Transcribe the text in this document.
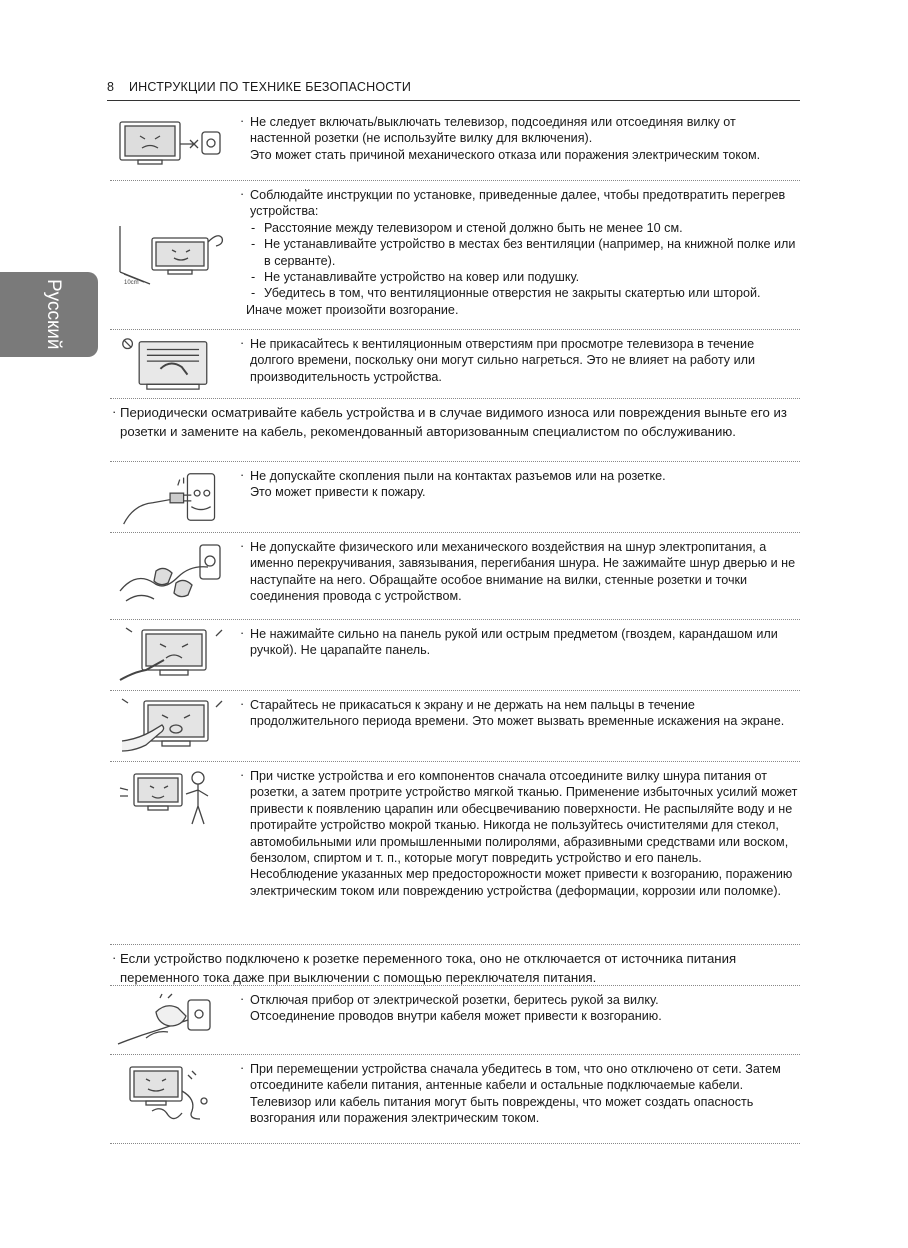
8 ИНСТРУКЦИИ ПО ТЕХНИКЕ БЕЗОПАСНОСТИ
Русский
· Не следует включать/выключать телевизор, подсоединяя или отсоединяя вилку от настенной розетки (не используйте вилку для включения).
Это может стать причиной механического отказа или поражения электрическим током.
10cm
· Соблюдайте инструкции по установке, приведенные далее, чтобы предотвратить перегрев устройства:
- Расстояние между телевизором и стеной должно быть не менее 10 см.
- Не устанавливайте устройство в местах без вентиляции (например, на книжной полке или в серванте).
- Не устанавливайте устройство на ковер или подушку.
- Убедитесь в том, что вентиляционные отверстия не закрыты скатертью или шторой.
Иначе может произойти возгорание.
· Не прикасайтесь к вентиляционным отверстиям при просмотре телевизора в течение долгого времени, поскольку они могут сильно нагреться. Это не влияет на работу или производительность устройства.
· Периодически осматривайте кабель устройства и в случае видимого износа или повреждения выньте его из розетки и замените на кабель, рекомендованный авторизованным специалистом по обслуживанию.
· Не допускайте скопления пыли на контактах разъемов или на розетке.
Это может привести к пожару.
· Не допускайте физического или механического воздействия на шнур электропитания, а именно перекручивания, завязывания, перегибания шнура. Не зажимайте шнур дверью и не наступайте на него. Обращайте особое внимание на вилки, стенные розетки и точки соединения провода с устройством.
· Не нажимайте сильно на панель рукой или острым предметом (гвоздем, карандашом или ручкой). Не царапайте панель.
· Старайтесь не прикасаться к экрану и не держать на нем пальцы в течение продолжительного периода времени. Это может вызвать временные искажения на экране.
· При чистке устройства и его компонентов сначала отсоедините вилку шнура питания от розетки, а затем протрите устройство мягкой тканью. Применение избыточных усилий может привести к появлению царапин или обесцвечиванию поверхности. Не распыляйте воду и не протирайте устройство мокрой тканью. Никогда не пользуйтесь очистителями для стекол, автомобильными или промышленными полиролями, абразивными средствами или воском, бензолом, спиртом и т. п., которые могут повредить устройство и его панель.
Несоблюдение указанных мер предосторожности может привести к возгоранию, поражению электрическим током или повреждению устройства (деформации, коррозии или поломке).
· Если устройство подключено к розетке переменного тока, оно не отключается от источника питания переменного тока даже при выключении с помощью переключателя питания.
· Отключая прибор от электрической розетки, беритесь рукой за вилку.
Отсоединение проводов внутри кабеля может привести к возгоранию.
· При перемещении устройства сначала убедитесь в том, что оно отключено от сети. Затем отсоедините кабели питания, антенные кабели и остальные подключаемые кабели.
Телевизор или кабель питания могут быть повреждены, что может создать опасность возгорания или поражения электрическим током.
